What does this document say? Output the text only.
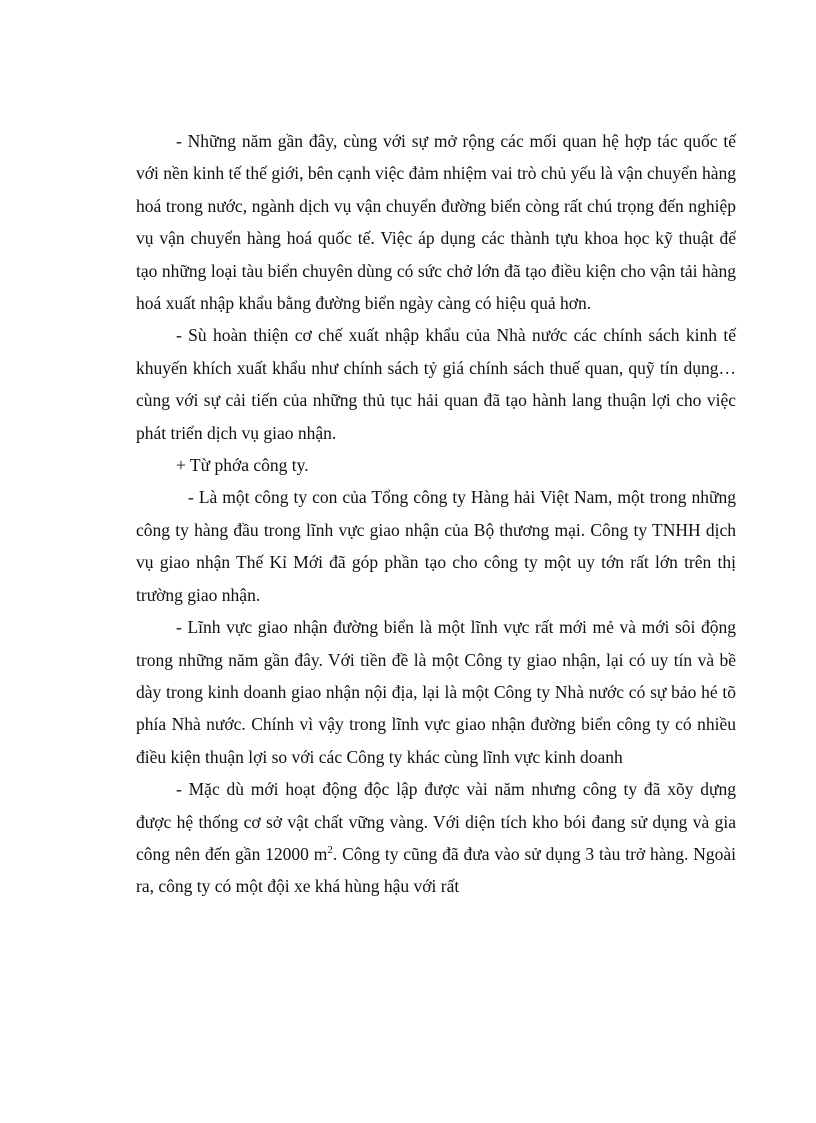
- Những năm gần đây, cùng với sự mở rộng các mối quan hệ hợp tác quốc tế với nền kinh tế thế giới, bên cạnh việc đảm nhiệm vai trò chủ yếu là vận chuyển hàng hoá trong nước, ngành dịch vụ vận chuyển đường biển còng rất chú trọng đến nghiệp vụ vận chuyển hàng hoá quốc tế. Việc áp dụng các thành tựu khoa học kỹ thuật để tạo những loại tàu biển chuyên dùng có sức chở lớn đã tạo điều kiện cho vận tải hàng hoá xuất nhập khẩu bằng đường biển ngày càng có hiệu quả hơn.

- Sù hoàn thiện cơ chế xuất nhập khẩu của Nhà nước các chính sách kinh tế khuyến khích xuất khẩu như chính sách tỷ giá chính sách thuế quan, quỹ tín dụng…cùng với sự cải tiến của những thủ tục hải quan đã tạo hành lang thuận lợi cho việc phát triển dịch vụ giao nhận.

+ Từ phớa công ty.

- Là một công ty con của Tổng công ty Hàng hải Việt Nam, một trong những công ty hàng đầu trong lĩnh vực giao nhận của Bộ thương mại. Công ty TNHH dịch vụ giao nhận Thế Kỉ Mới đã góp phần tạo cho công ty một uy tớn rất lớn trên thị trường giao nhận.

- Lĩnh vực giao nhận đường biển là một lĩnh vực rất mới mẻ và mới sôi động trong những năm gần đây. Với tiền đề là một Công ty giao nhận, lại có uy tín và bề dày trong kinh doanh giao nhận nội địa, lại là một Công ty Nhà nước có sự bảo hé tõ phía Nhà nước. Chính vì vậy trong lĩnh vực giao nhận đường biển công ty có nhiều điều kiện thuận lợi so với các Công ty khác cùng lĩnh vực kinh doanh

- Mặc dù mới hoạt động độc lập được vài năm nhưng công ty đã xõy dựng được hệ thống cơ sở vật chất vững vàng. Với diện tích kho bói đang sử dụng và gia công nên đến gần 12000 $m^2$. Công ty cũng đã đưa vào sử dụng 3 tàu trở hàng. Ngoài ra, công ty có một đội xe khá hùng hậu với rất
